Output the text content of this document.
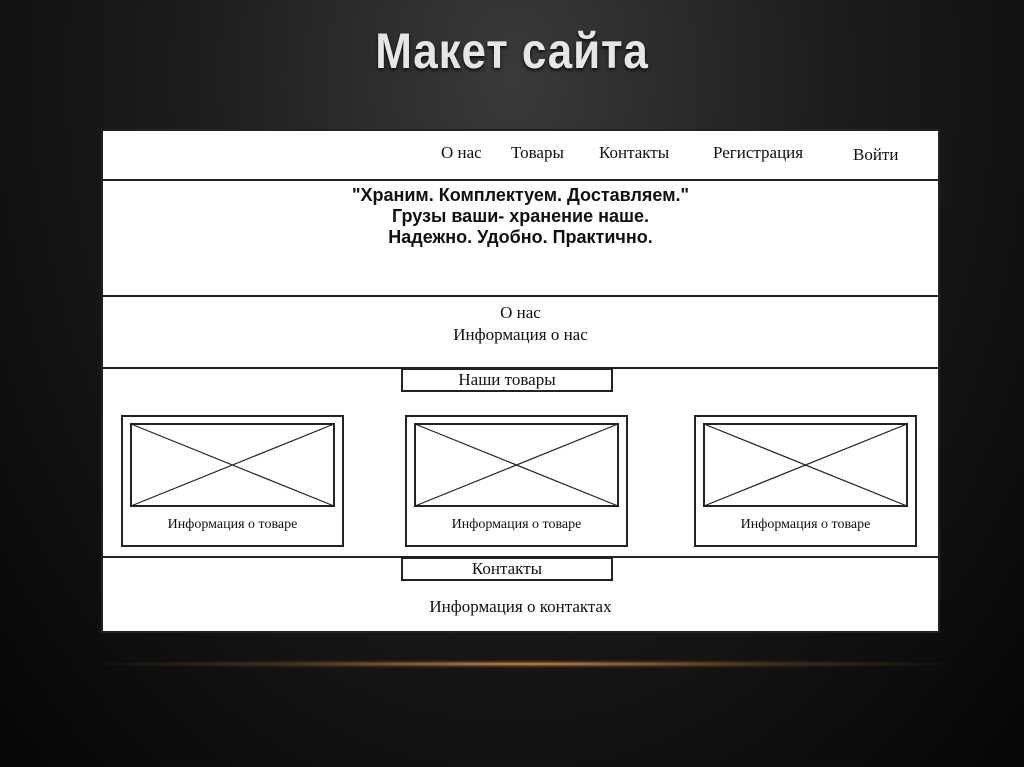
Макет сайта
О нас Товары Контакты	Регистрация	Войти
"Храним. Комплектуем. Доставляем."
Грузы ваши- хранение наше.
Надежно. Удобно. Практично.
О нас
Информация о нас
Наши товары
Информация о товаре	Информация о товаре	Информация о товаре
Контакты
Информация о контактах
